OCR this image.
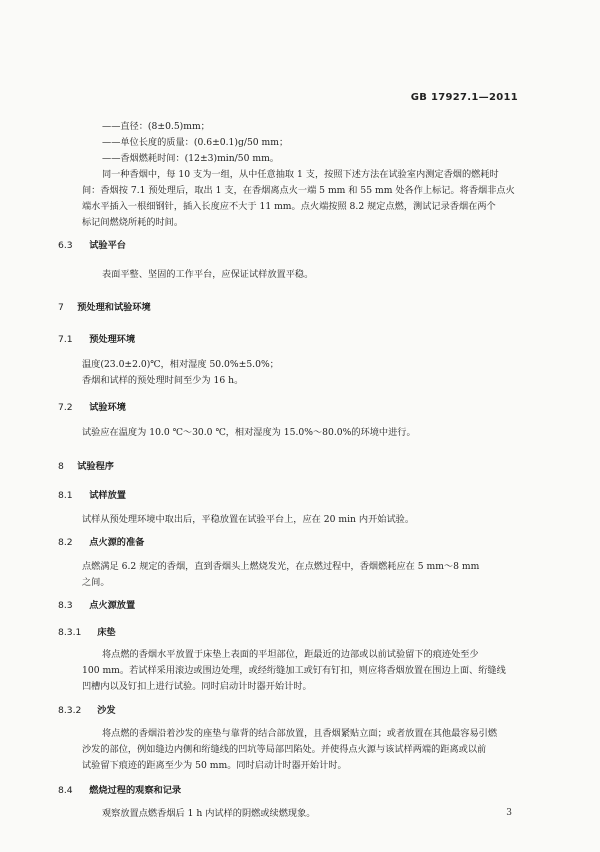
GB 17927.1—2011
——直径：(8±0.5)mm；
——单位长度的质量：(0.6±0.1)g/50 mm；
——香烟燃耗时间：(12±3)min/50 mm。
同一种香烟中，每 10 支为一组，从中任意抽取 1 支，按照下述方法在试验室内测定香烟的燃耗时
间：香烟按 7.1 预处理后，取出 1 支，在香烟离点火一端 5 mm 和 55 mm 处各作上标记。将香烟非点火
端水平插入一根细钢针，插入长度应不大于 11 mm。点火端按照 8.2 规定点燃，测试记录香烟在两个
标记间燃烧所耗的时间。
6.3 试验平台
表面平整、坚固的工作平台，应保证试样放置平稳。
7 预处理和试验环境
7.1 预处理环境
温度(23.0±2.0)℃，相对湿度 50.0%±5.0%；
香烟和试样的预处理时间至少为 16 h。
7.2 试验环境
试验应在温度为 10.0 ℃～30.0 ℃，相对湿度为 15.0%～80.0%的环境中进行。
8 试验程序
8.1 试样放置
试样从预处理环境中取出后，平稳放置在试验平台上，应在 20 min 内开始试验。
8.2 点火源的准备
点燃满足 6.2 规定的香烟，直到香烟头上燃烧发光，在点燃过程中，香烟燃耗应在 5 mm～8 mm
之间。
8.3 点火源放置
8.3.1 床垫
将点燃的香烟水平放置于床垫上表面的平坦部位，距最近的边部或以前试验留下的痕迹处至少
100 mm。若试样采用滚边或围边处理，或经绗缝加工或钉有钉扣，则应将香烟放置在围边上面、绗缝线
凹槽内以及钉扣上进行试验。同时启动计时器开始计时。
8.3.2 沙发
将点燃的香烟沿着沙发的座垫与靠背的结合部放置，且香烟紧贴立面；或者放置在其他最容易引燃
沙发的部位，例如缝边内侧和绗缝线的凹坑等局部凹陷处。并使得点火源与该试样两端的距离或以前
试验留下痕迹的距离至少为 50 mm。同时启动计时器开始计时。
8.4 燃烧过程的观察和记录
观察放置点燃香烟后 1 h 内试样的阴燃或续燃现象。	3
